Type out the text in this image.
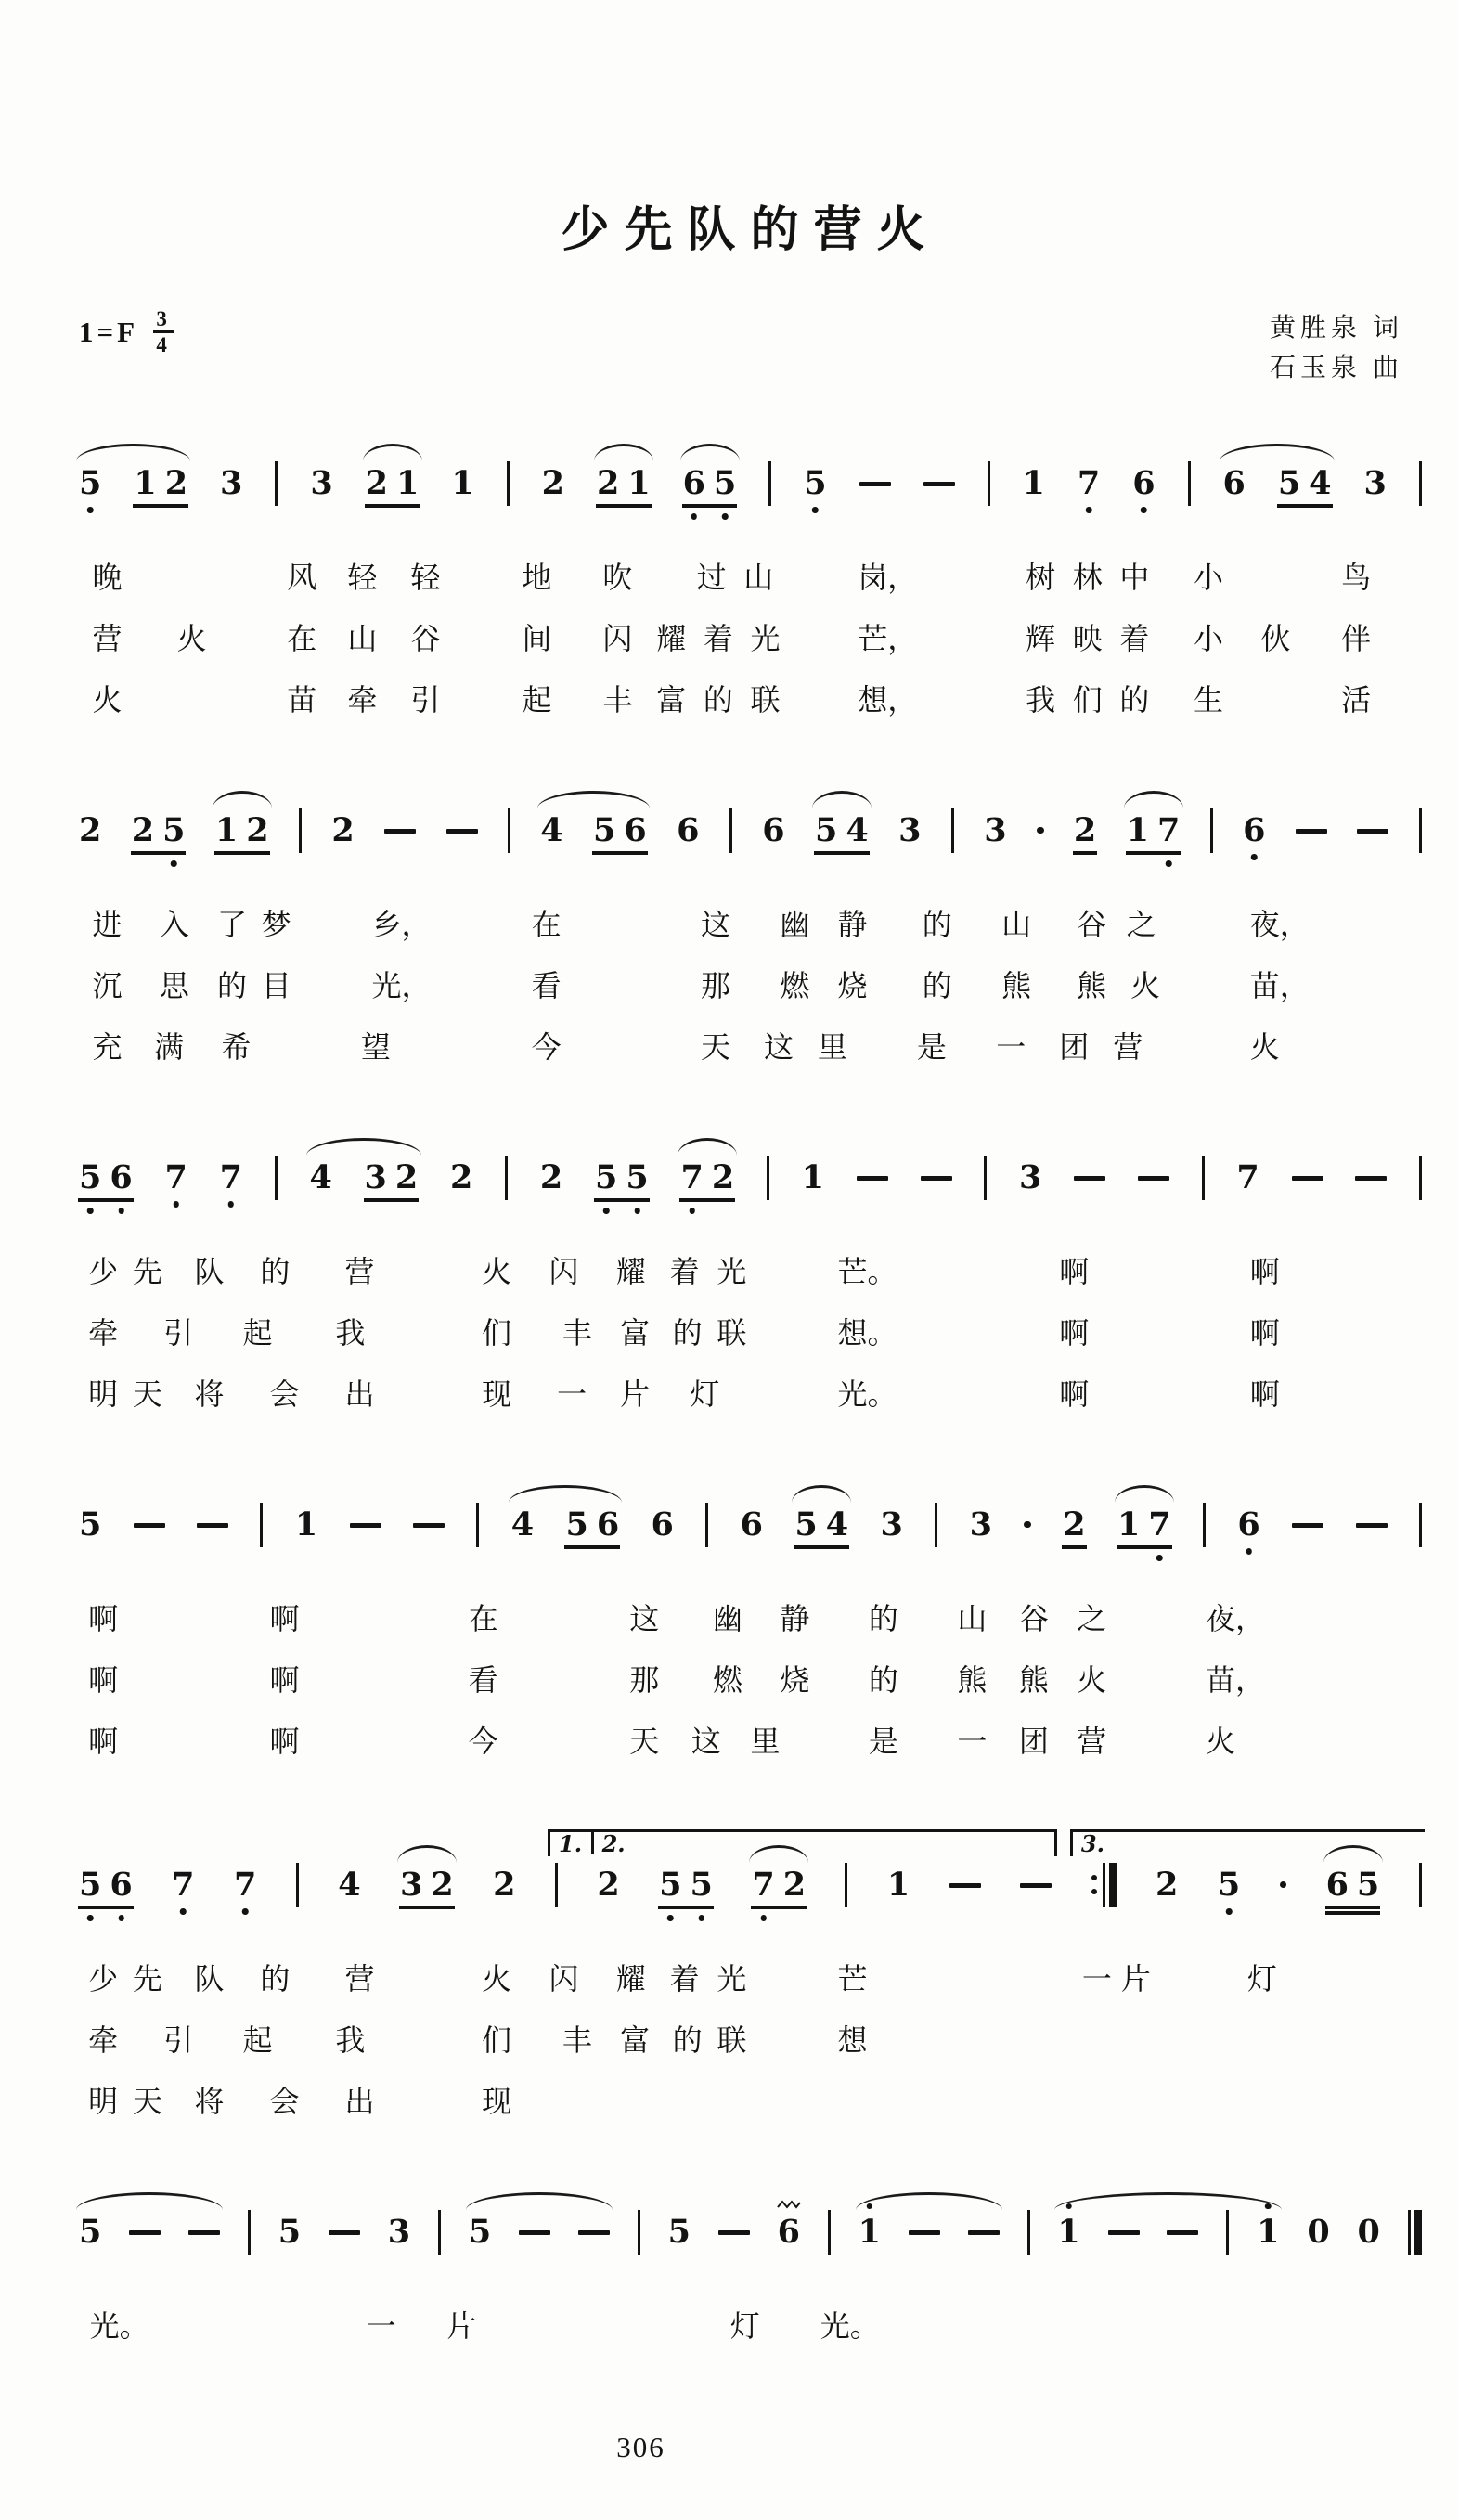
少先队的营火
$1=F \frac{3}{4}$	黄胜泉 词
石玉泉 曲
5 1 2 3 3 2 1 1 2 2 1 6 5 5	1 7 6 6 5 4 3
晚	风 轻 轻	地 吹 过 山	岗，	树 林 中 小	鸟
营 火	在 山 谷	间 闪 耀 着 光	芒，	辉 映 着 小 伙 伴
火	苗 牵 引	起 丰 富 的 联	想，	我 们 的 生	活
2 2 5 1 2 2	4 5 6 6 6 5 4 3 3 2 1 7 6
进 入 了 梦	乡，	在	这 幽 静 的 山 谷 之	夜，
沉 思 的 目	光，	看	那 燃 烧 的 熊 熊 火	苗，
充 满 希	望	今	天 这 里 是 一 团 营	火
5 6 7 7 4 3 2 2 2 5 5 7 2 1	3	7
少 先 队 的 营	火 闪 耀 着 光	芒。	啊	啊
牵 引 起 我	们 丰 富 的 联	想。	啊	啊
明 天 将 会 出	现 一 片 灯	光。	啊	啊
5	1	4 5 6 6 6 5 4 3 3 2 1 7 6
啊	啊	在	这 幽 静 的 山 谷 之	夜，
啊	啊	看	那 燃 烧 的 熊 熊 火	苗，
啊	啊	今	天 这 里	是 一 团 营	火
1. 2.	3.
5 6 7 7	4 3 2 2	2 5 5 7 2	1	2 5	6 5
少 先 队 的 营	火 闪 耀 着 光	芒	一 片	灯
牵 引 起 我	们 丰 富 的 联	想
明 天 将 会 出	现
5	5	3 5	5	6 1	1	1 0 0
光。	一 片	灯 光。
306
